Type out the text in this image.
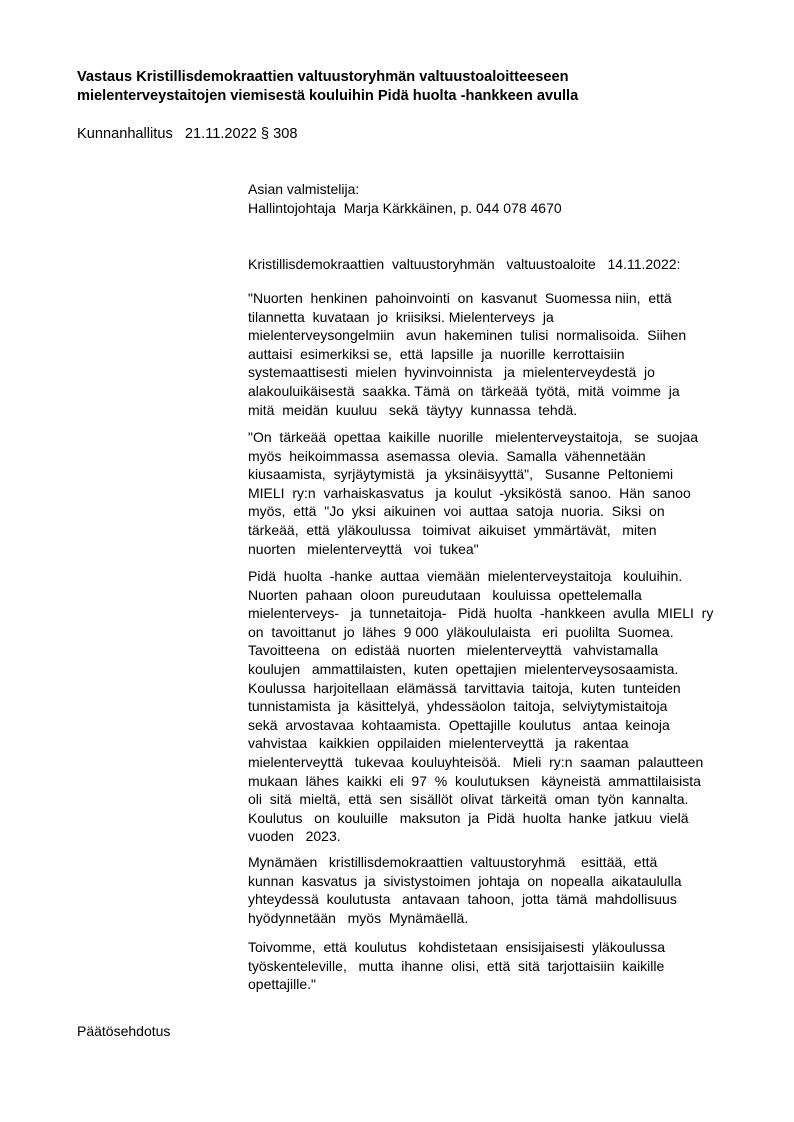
Vastaus Kristillisdemokraattien valtuustoryhmän valtuustoaloitteeseen
mielenterveystaitojen viemisestä kouluihin Pidä huolta -hankkeen avulla
Kunnanhallitus   21.11.2022 § 308
Asian valmistelija:
Hallintojohtaja  Marja Kärkkäinen, p. 044 078 4670
Kristillisdemokraattien  valtuustoryhmän   valtuustoaloite   14.11.2022:
"Nuorten  henkinen  pahoinvointi  on  kasvanut  Suomessa niin,  että
tilannetta  kuvataan  jo  kriisiksi. Mielenterveys  ja
mielenterveysongelmiin   avun  hakeminen  tulisi  normalisoida.  Siihen
auttaisi  esimerkiksi se,  että  lapsille  ja  nuorille  kerrottaisiin
systemaattisesti  mielen  hyvinvoinnista   ja  mielenterveydestä  jo
alakouluikäisestä  saakka. Tämä  on  tärkeää  työtä,  mitä  voimme  ja
mitä  meidän  kuuluu   sekä  täytyy  kunnassa  tehdä.
"On  tärkeää  opettaa  kaikille  nuorille   mielenterveystaitoja,   se  suojaa
myös  heikoimmassa  asemassa  olevia.  Samalla  vähennetään
kiusaamista,  syrjäytymistä   ja  yksinäisyyttä",   Susanne  Peltoniemi
MIELI  ry:n  varhaiskasvatus   ja  koulut  -yksiköstä  sanoo.  Hän  sanoo
myös,  että  "Jo  yksi  aikuinen  voi  auttaa  satoja  nuoria.  Siksi  on
tärkeää,  että  yläkoulussa   toimivat  aikuiset  ymmärtävät,   miten
nuorten   mielenterveyttä   voi  tukea"
Pidä  huolta  -hanke  auttaa  viemään  mielenterveystaitoja   kouluihin.
Nuorten  pahaan  oloon  pureudutaan   kouluissa  opettelemalla
mielenterveys-   ja  tunnetaitoja-   Pidä  huolta  -hankkeen  avulla  MIELI  ry
on  tavoittanut  jo  lähes  9 000  yläkoululaista   eri  puolilta  Suomea.
Tavoitteena   on  edistää  nuorten   mielenterveyttä   vahvistamalla
koulujen   ammattilaisten,  kuten  opettajien  mielenterveysosaamista.
Koulussa  harjoitellaan  elämässä  tarvittavia  taitoja,  kuten  tunteiden
tunnistamista  ja  käsittelyä,  yhdessäolon  taitoja,  selviytymistaitoja
sekä  arvostavaa  kohtaamista.  Opettajille  koulutus   antaa  keinoja
vahvistaa   kaikkien  oppilaiden  mielenterveyttä   ja  rakentaa
mielenterveyttä   tukevaa  kouluyhteisöä.   Mieli  ry:n  saaman  palautteen
mukaan  lähes  kaikki  eli  97  %  koulutuksen   käyneistä  ammattilaisista
oli  sitä  mieltä,  että  sen  sisällöt  olivat  tärkeitä  oman  työn  kannalta.
Koulutus   on  kouluille   maksuton  ja  Pidä  huolta  hanke  jatkuu  vielä
vuoden   2023.
Mynämäen   kristillisdemokraattien  valtuustoryhmä    esittää,  että
kunnan  kasvatus  ja  sivistystoimen  johtaja  on  nopealla  aikataululla
yhteydessä  koulutusta   antavaan  tahoon,  jotta  tämä  mahdollisuus
hyödynnetään   myös  Mynämäellä.
Toivomme,  että  koulutus   kohdistetaan  ensisijaisesti  yläkoulussa
työskenteleville,   mutta  ihanne  olisi,  että  sitä  tarjottaisiin  kaikille
opettajille."
Päätösehdotus
